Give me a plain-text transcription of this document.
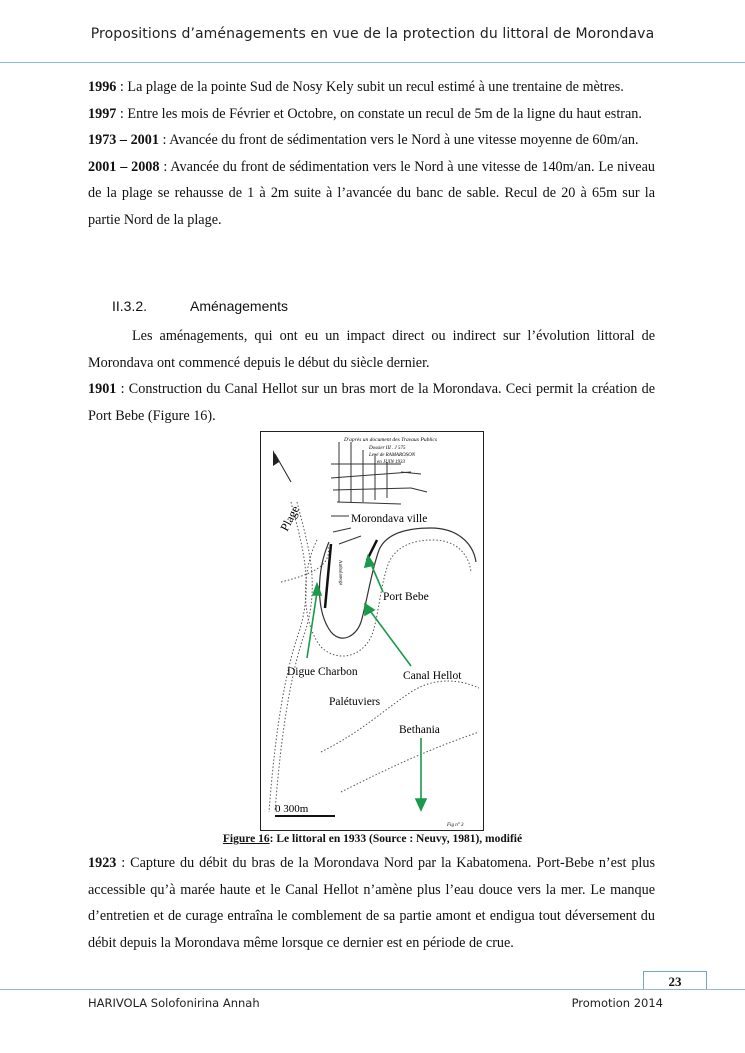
Propositions d’aménagements en vue de la protection du littoral de Morondava

1996 : La plage de la pointe Sud de Nosy Kely subit un recul estimé à une trentaine de mètres.

1997 : Entre les mois de Février et Octobre, on constate un recul de 5m de la ligne du haut estran.

1973 – 2001 : Avancée du front de sédimentation vers le Nord à une vitesse moyenne de 60m/an.

2001 – 2008 : Avancée du front de sédimentation vers le Nord à une vitesse de 140m/an. Le niveau de la plage se rehausse de 1 à 2m suite à l’avancée du banc de sable. Recul de 20 à 65m sur la partie Nord de la plage.

II.3.2.	Aménagements

Les aménagements, qui ont eu un impact direct ou indirect sur l’évolution littoral de Morondava ont commencé depuis le début du siècle dernier.

1901 : Construction du Canal Hellot sur un bras mort de la Morondava. Ceci permit la création de Port Bebe (Figure 16).

D'après un document des Travaux Publics
Dossier III . J 575
Levé de RAMAROSON
en JUIN 1933
Plage	Morondava ville
Port Bebe
Digue Charbon	Canal Hellot
Palétuviers
Bethania
Ambalanega
0 300m
Fig n° 3
Figure 16: Le littoral en 1933 (Source : Neuvy, 1981), modifié

1923 : Capture du débit du bras de la Morondava Nord par la Kabatomena. Port-Bebe n’est plus accessible qu’à marée haute et le Canal Hellot n’amène plus l’eau douce vers la mer. Le manque d’entretien et de curage entraîna le comblement de sa partie amont et endigua tout déversement du débit depuis la Morondava même lorsque ce dernier est en période de crue.

23
HARIVOLA Solofonirina Annah	Promotion 2014
